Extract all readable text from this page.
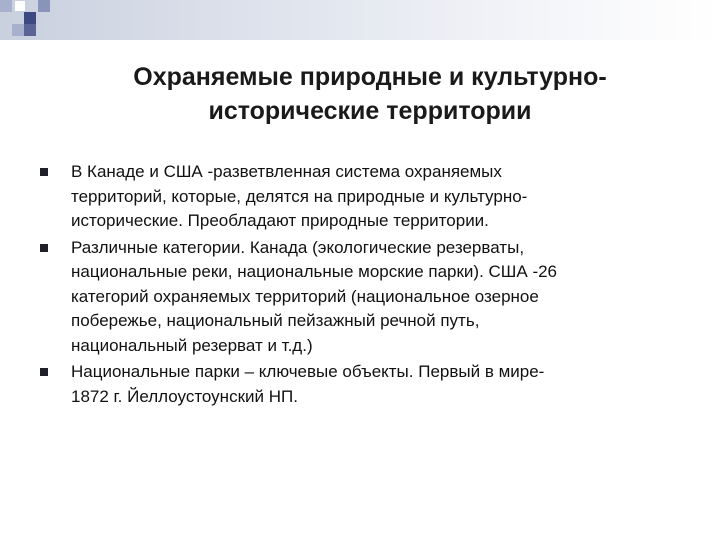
Охраняемые природные и культурно-
исторические территории
В Канаде и США -разветвленная система охраняемых
территорий, которые, делятся на природные и культурно-
исторические. Преобладают природные территории.
Различные категории. Канада (экологические резерваты,
национальные реки, национальные морские парки). США -26
категорий охраняемых территорий (национальное озерное
побережье, национальный пейзажный речной путь,
национальный резерват и т.д.)
Национальные парки – ключевые объекты. Первый в мире-
1872 г. Йеллоустоунский НП.
